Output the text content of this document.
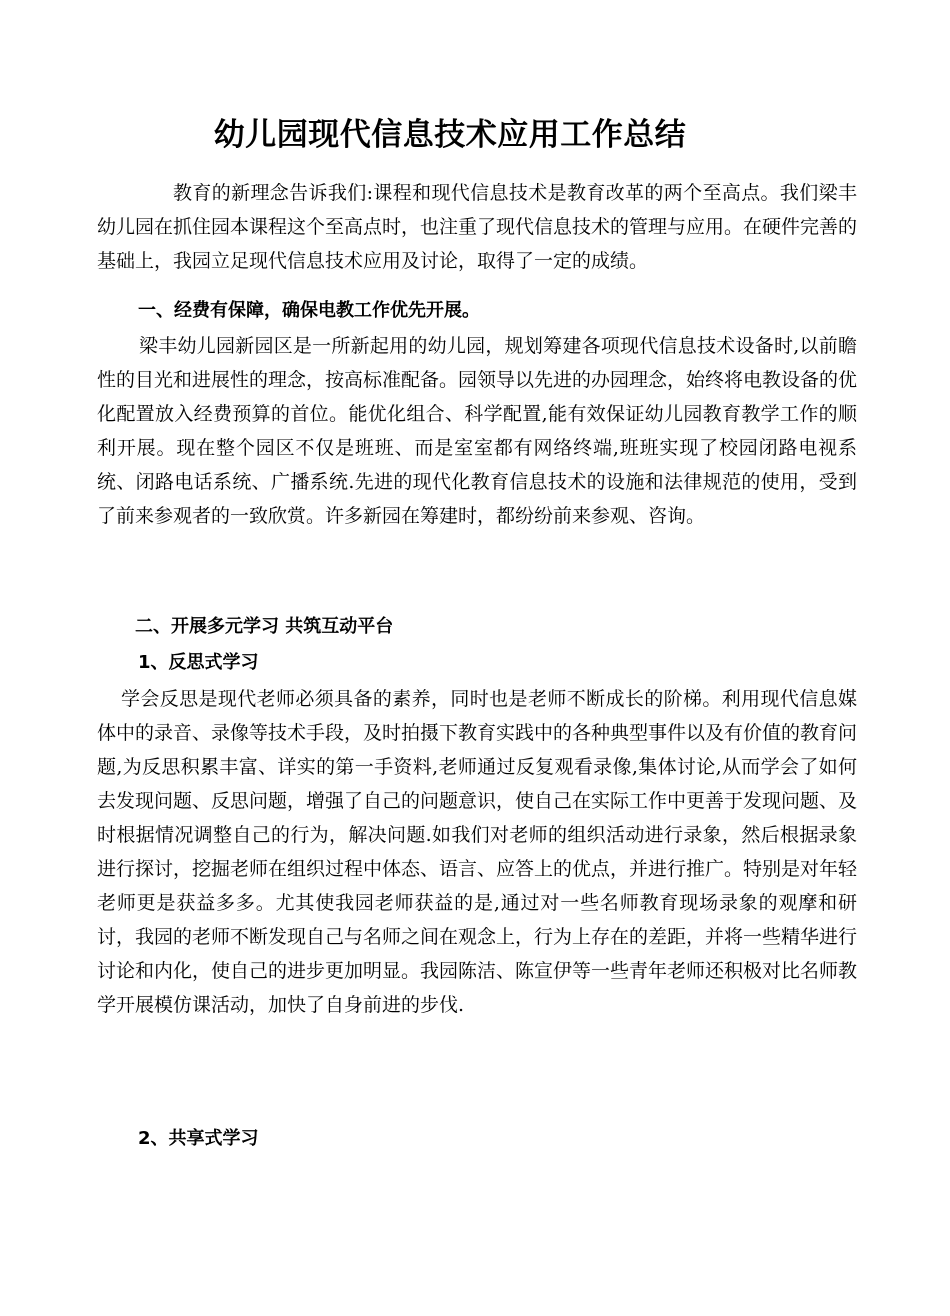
幼儿园现代信息技术应用工作总结

教育的新理念告诉我们:课程和现代信息技术是教育改革的两个至高点。我们梁丰幼儿园在抓住园本课程这个至高点时，也注重了现代信息技术的管理与应用。在硬件完善的基础上，我园立足现代信息技术应用及讨论，取得了一定的成绩。

一、经费有保障，确保电教工作优先开展。

梁丰幼儿园新园区是一所新起用的幼儿园，规划筹建各项现代信息技术设备时,以前瞻性的目光和进展性的理念，按高标准配备。园领导以先进的办园理念，始终将电教设备的优化配置放入经费预算的首位。能优化组合、科学配置,能有效保证幼儿园教育教学工作的顺利开展。现在整个园区不仅是班班、而是室室都有网络终端,班班实现了校园闭路电视系统、闭路电话系统、广播系统.先进的现代化教育信息技术的设施和法律规范的使用，受到了前来参观者的一致欣赏。许多新园在筹建时，都纷纷前来参观、咨询。

二、开展多元学习 共筑互动平台

1、反思式学习

学会反思是现代老师必须具备的素养，同时也是老师不断成长的阶梯。利用现代信息媒体中的录音、录像等技术手段，及时拍摄下教育实践中的各种典型事件以及有价值的教育问题,为反思积累丰富、详实的第一手资料,老师通过反复观看录像,集体讨论,从而学会了如何去发现问题、反思问题，增强了自己的问题意识，使自己在实际工作中更善于发现问题、及时根据情况调整自己的行为，解决问题.如我们对老师的组织活动进行录象，然后根据录象进行探讨，挖掘老师在组织过程中体态、语言、应答上的优点，并进行推广。特别是对年轻老师更是获益多多。尤其使我园老师获益的是,通过对一些名师教育现场录象的观摩和研讨，我园的老师不断发现自己与名师之间在观念上，行为上存在的差距，并将一些精华进行讨论和内化，使自己的进步更加明显。我园陈洁、陈宣伊等一些青年老师还积极对比名师教学开展模仿课活动，加快了自身前进的步伐.

2、共享式学习
